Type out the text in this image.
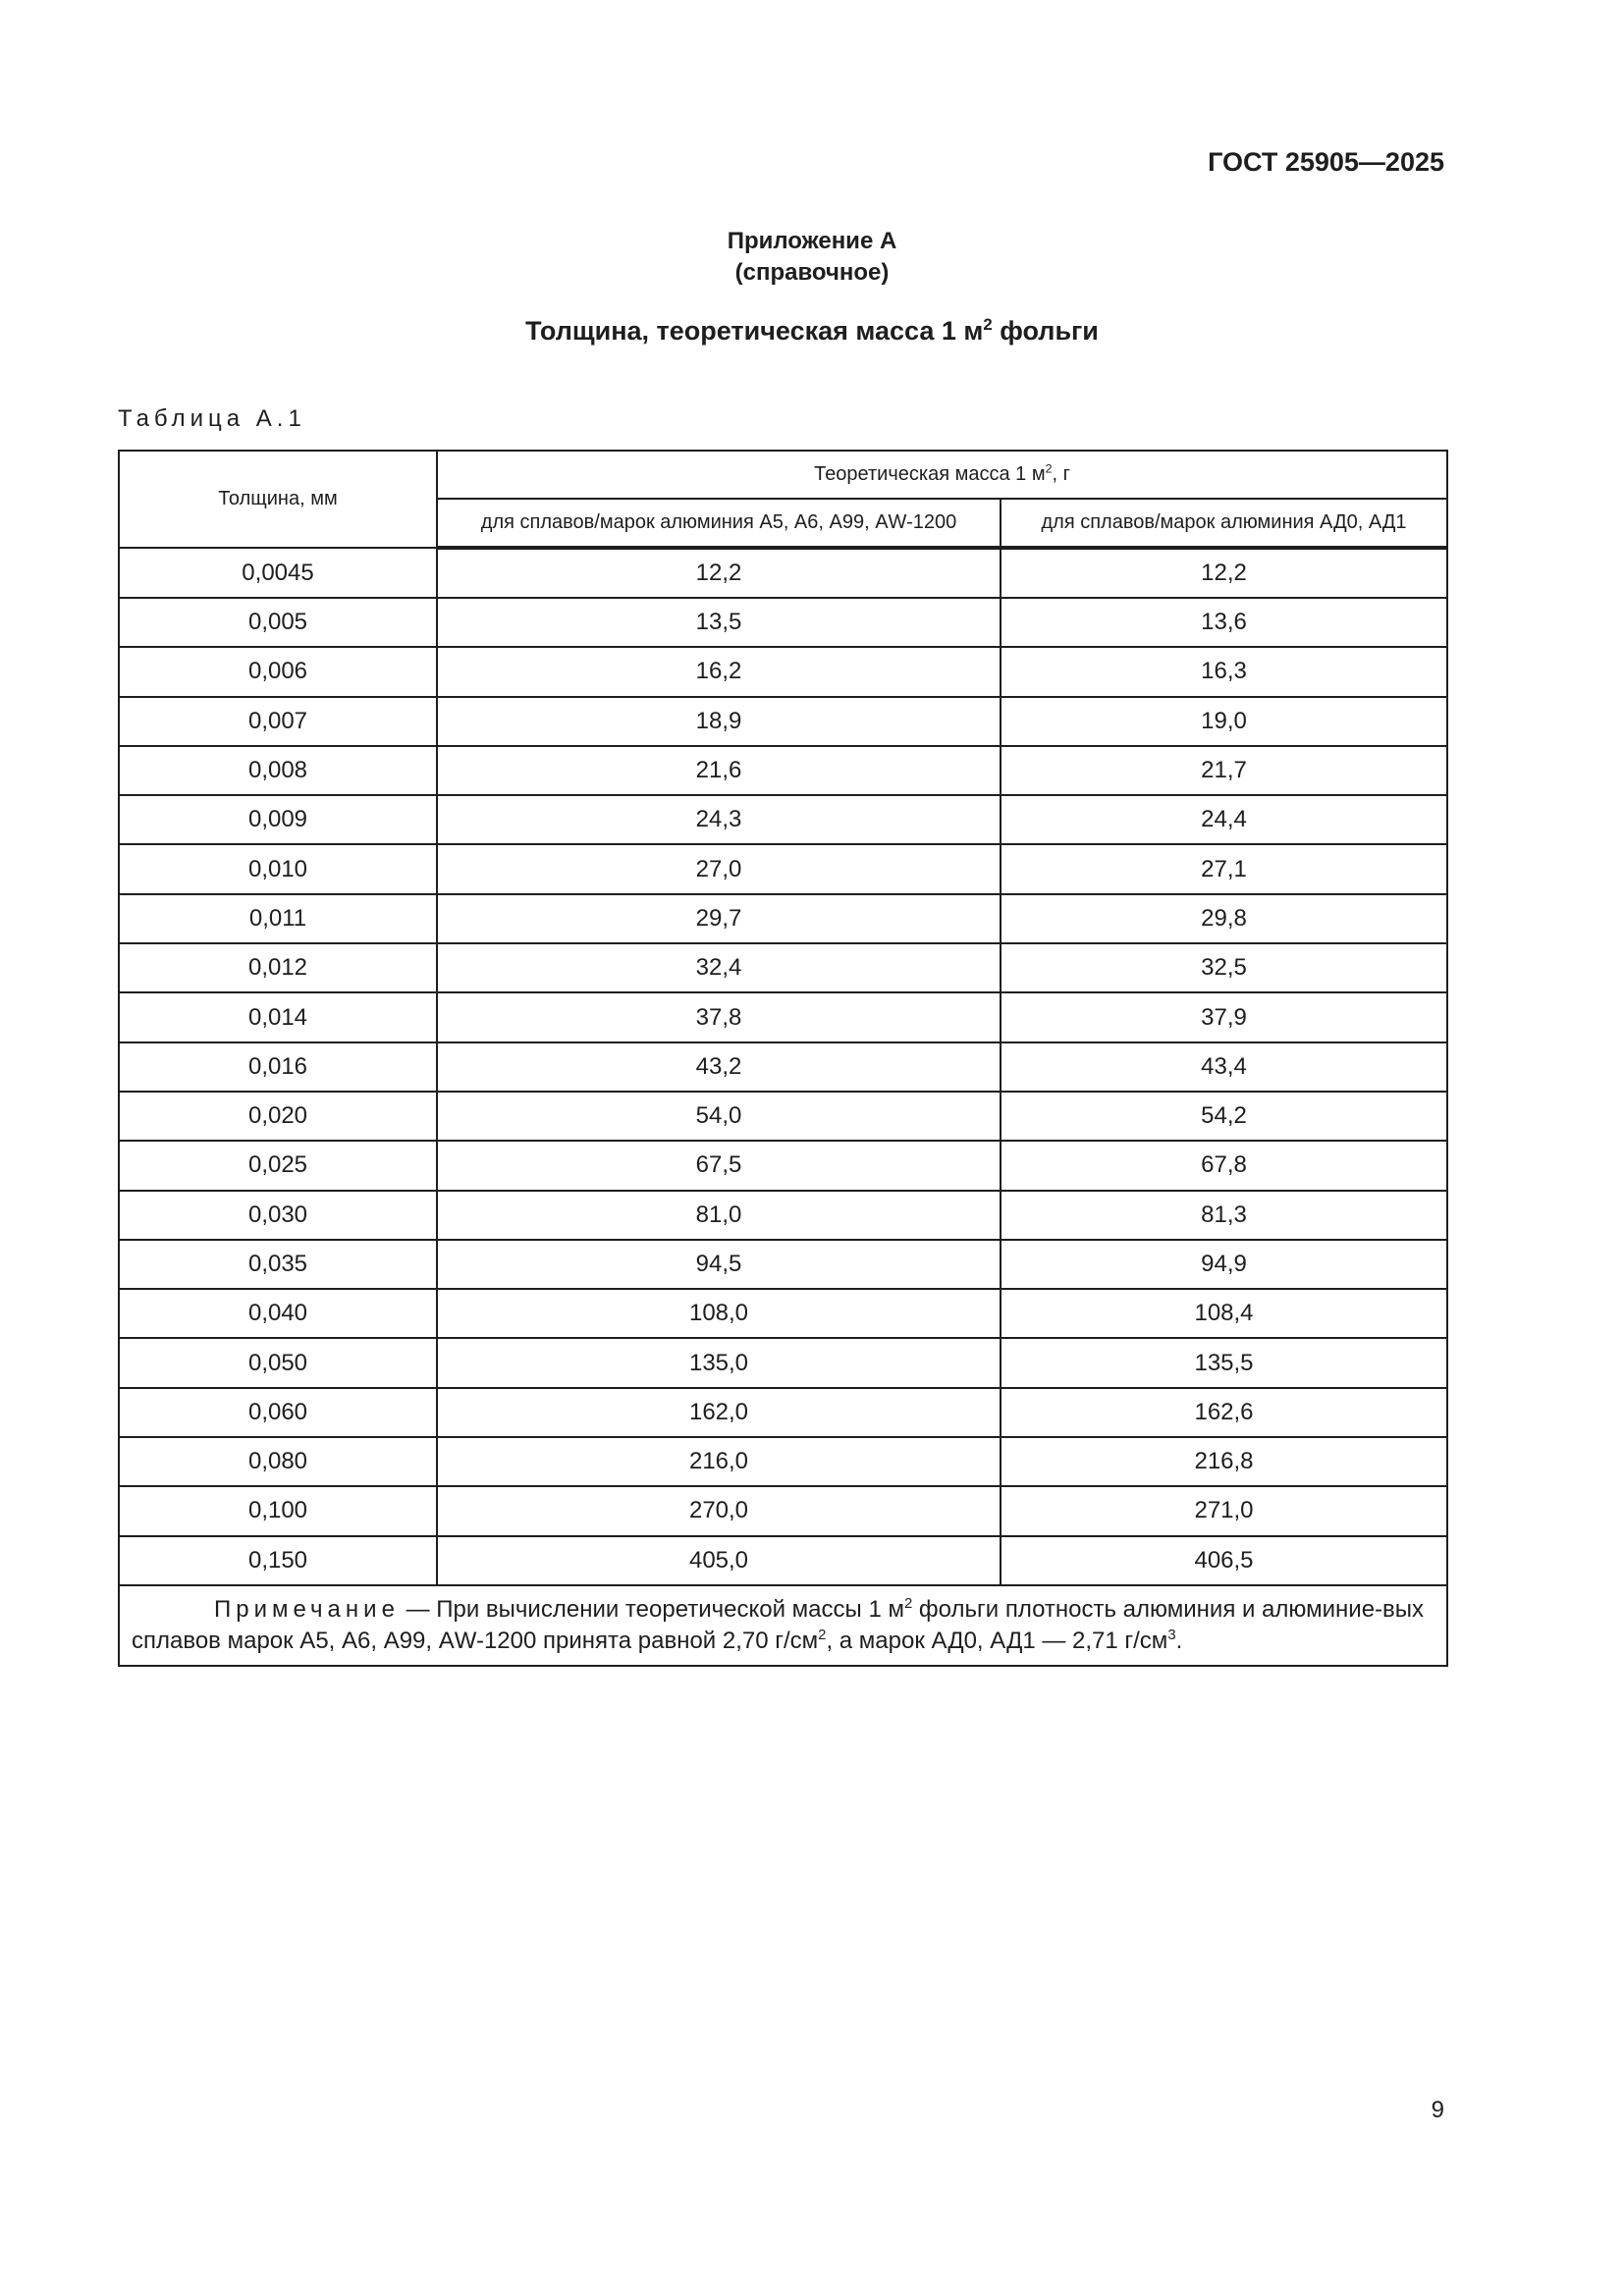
ГОСТ 25905—2025
Приложение А
(справочное)
Толщина, теоретическая масса 1 $м^2$ фольги
Таблица А.1
Толщина, мм	Теоретическая масса 1 $м^2$, г	
	для сплавов/марок алюминия А5, А6, А99, АW-1200	для сплавов/марок алюминия АД0, АД1
0,0045	12,2	12,2
0,005	13,5	13,6
0,006	16,2	16,3
0,007	18,9	19,0
0,008	21,6	21,7
0,009	24,3	24,4
0,010	27,0	27,1
0,011	29,7	29,8
0,012	32,4	32,5
0,014	37,8	37,9
0,016	43,2	43,4
0,020	54,0	54,2
0,025	67,5	67,8
0,030	81,0	81,3
0,035	94,5	94,9
0,040	108,0	108,4
0,050	135,0	135,5
0,060	162,0	162,6
0,080	216,0	216,8
0,100	270,0	271,0
0,150	405,0	406,5
Примечание — При вычислении теоретической массы 1 $м^2$ фольги плотность алюминия и алюминие-вых сплавов марок А5, А6, А99, АW-1200 принята равной 2,70 $г/см^2$, а марок АД0, АД1 — 2,71 $г/см^3$.		
9
